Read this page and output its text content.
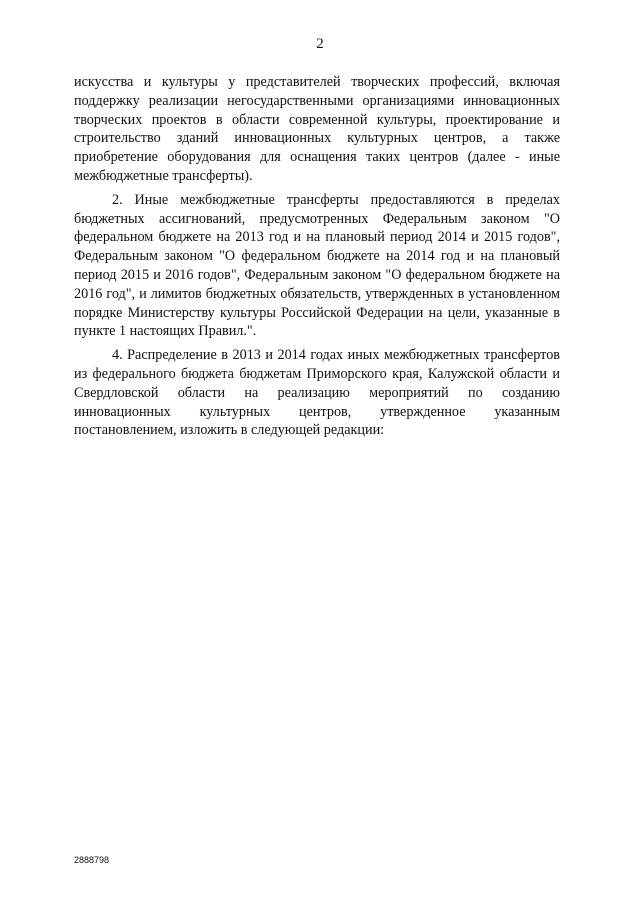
2

искусства и культуры у представителей творческих профессий, включая поддержку реализации негосударственными организациями инновационных творческих проектов в области современной культуры, проектирование и строительство зданий инновационных культурных центров, а также приобретение оборудования для оснащения таких центров (далее - иные межбюджетные трансферты).

2. Иные межбюджетные трансферты предоставляются в пределах бюджетных ассигнований, предусмотренных Федеральным законом "О федеральном бюджете на 2013 год и на плановый период 2014 и 2015 годов", Федеральным законом "О федеральном бюджете на 2014 год и на плановый период 2015 и 2016 годов", Федеральным законом "О федеральном бюджете на 2016 год", и лимитов бюджетных обязательств, утвержденных в установленном порядке Министерству культуры Российской Федерации на цели, указанные в пункте 1 настоящих Правил.".

4. Распределение в 2013 и 2014 годах иных межбюджетных трансфертов из федерального бюджета бюджетам Приморского края, Калужской области и Свердловской области на реализацию мероприятий по созданию инновационных культурных центров, утвержденное указанным постановлением, изложить в следующей редакции:

2888798
